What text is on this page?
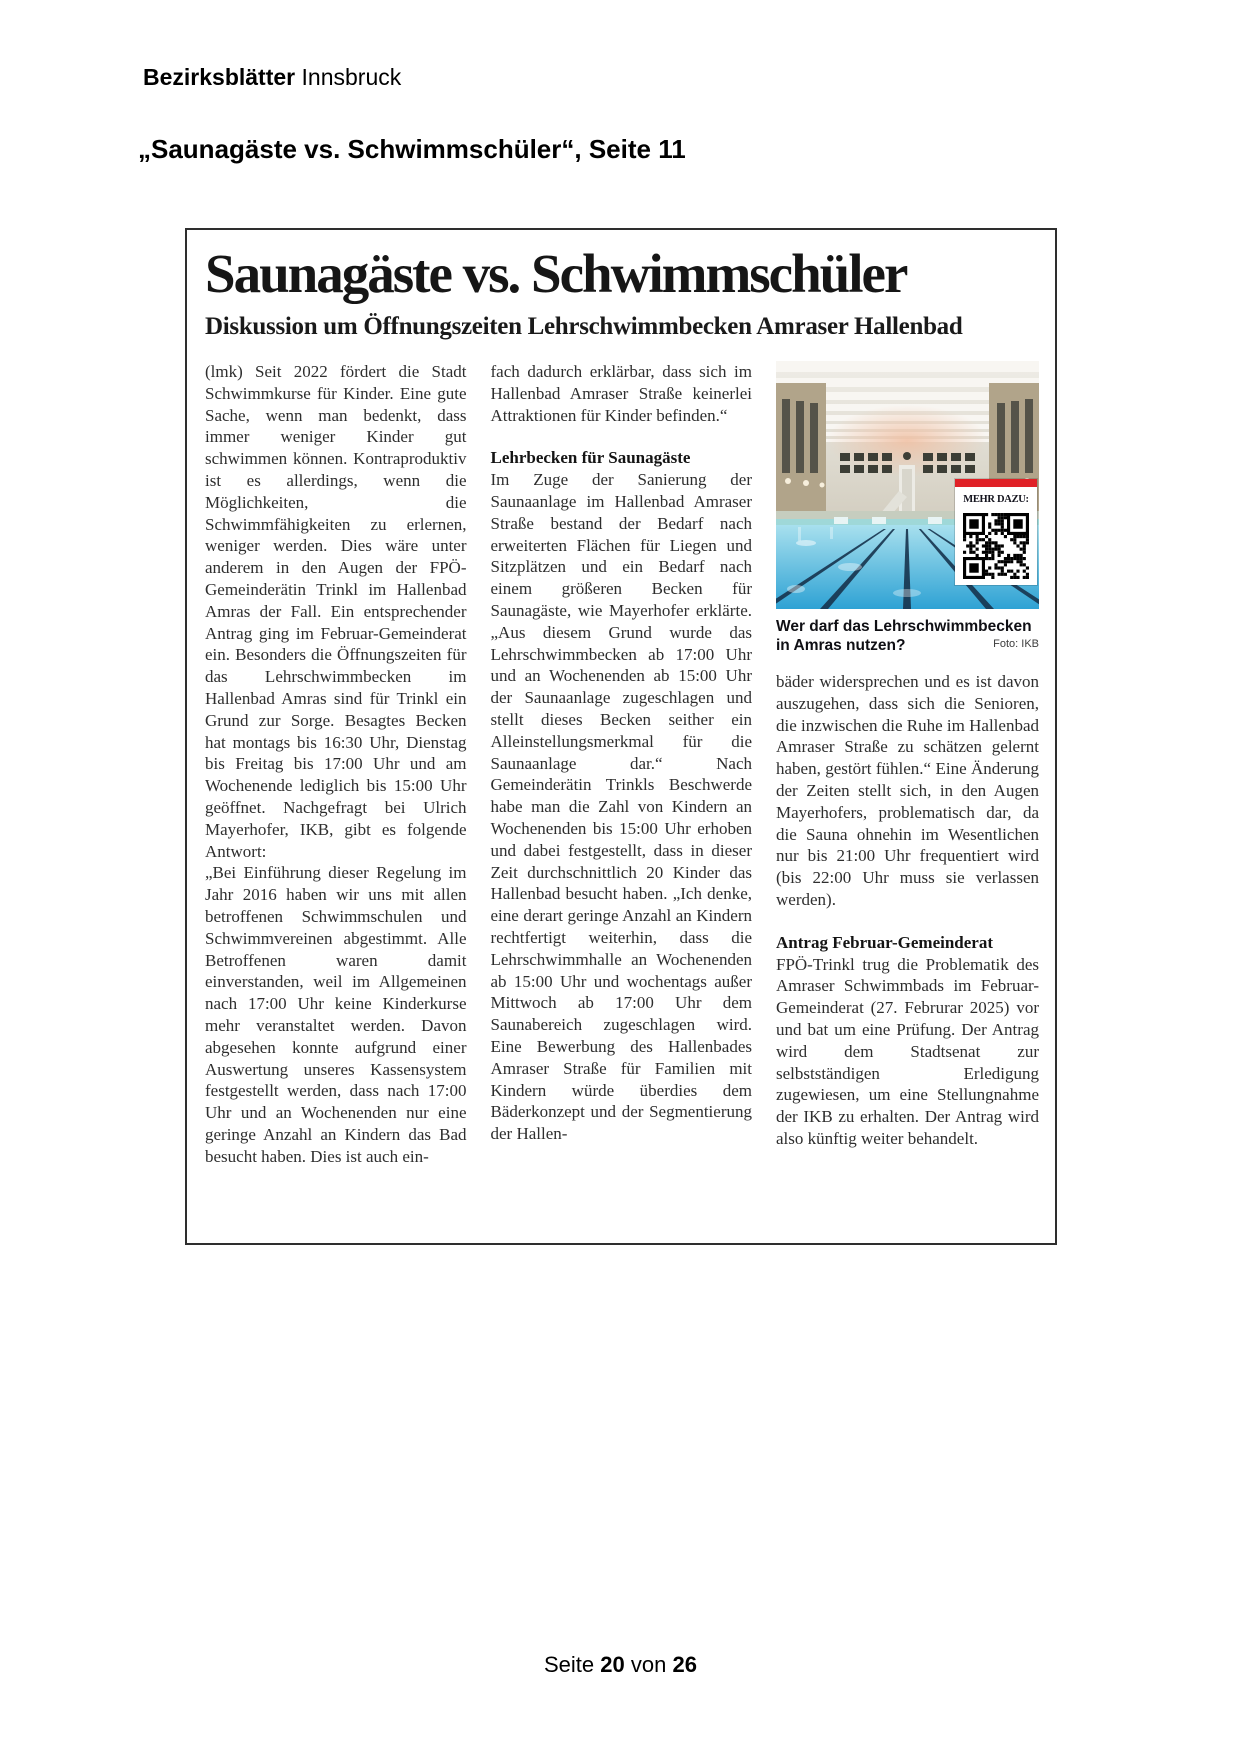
Bezirksblätter Innsbruck
„Saunagäste vs. Schwimmschüler“, Seite 11
Saunagäste vs. Schwimmschüler
Diskussion um Öffnungszeiten Lehrschwimmbecken Amraser Hallenbad

(lmk) Seit 2022 fördert die Stadt Schwimmkurse für Kinder. Eine gute Sache, wenn man bedenkt, dass immer weniger Kinder gut schwimmen können. Kontraproduktiv ist es allerdings, wenn die Möglichkeiten, die Schwimmfähigkeiten zu erlernen, weniger werden. Dies wäre unter anderem in den Augen der FPÖ-Gemeinderätin Trinkl im Hallenbad Amras der Fall. Ein entsprechender Antrag ging im Februar-Gemeinderat ein. Besonders die Öffnungszeiten für das Lehrschwimmbecken im Hallenbad Amras sind für Trinkl ein Grund zur Sorge. Besagtes Becken hat montags bis 16:30 Uhr, Dienstag bis Freitag bis 17:00 Uhr und am Wochenende lediglich bis 15:00 Uhr geöffnet. Nachgefragt bei Ulrich Mayerhofer, IKB, gibt es folgende Antwort:

„Bei Einführung dieser Regelung im Jahr 2016 haben wir uns mit allen betroffenen Schwimmschulen und Schwimmvereinen abgestimmt. Alle Betroffenen waren damit einverstanden, weil im Allgemeinen nach 17:00 Uhr keine Kinderkurse mehr veranstaltet werden. Davon abgesehen konnte aufgrund einer Auswertung unseres Kassensystem festgestellt werden, dass nach 17:00 Uhr und an Wochenenden nur eine geringe Anzahl an Kindern das Bad besucht haben. Dies ist auch ein-

fach dadurch erklärbar, dass sich im Hallenbad Amraser Straße keinerlei Attraktionen für Kinder befinden.“

Lehrbecken für Saunagäste

Im Zuge der Sanierung der Saunaanlage im Hallenbad Amraser Straße bestand der Bedarf nach erweiterten Flächen für Liegen und Sitzplätzen und ein Bedarf nach einem größeren Becken für Saunagäste, wie Mayerhofer erklärte. „Aus diesem Grund wurde das Lehrschwimmbecken ab 17:00 Uhr und an Wochenenden ab 15:00 Uhr der Saunaanlage zugeschlagen und stellt dieses Becken seither ein Alleinstellungsmerkmal für die Saunaanlage dar.“ Nach Gemeinderätin Trinkls Beschwerde habe man die Zahl von Kindern an Wochenenden bis 15:00 Uhr erhoben und dabei festgestellt, dass in dieser Zeit durchschnittlich 20 Kinder das Hallenbad besucht haben. „Ich denke, eine derart geringe Anzahl an Kindern rechtfertigt weiterhin, dass die Lehrschwimmhalle an Wochenenden ab 15:00 Uhr und wochentags außer Mittwoch ab 17:00 Uhr dem Saunabereich zugeschlagen wird. Eine Bewerbung des Hallenbades Amraser Straße für Familien mit Kindern würde überdies dem Bäderkonzept und der Segmentierung der Hallen-

MEHR DAZU:
Wer darf das Lehrschwimmbecken in Amras nutzen?	Foto: IKB

bäder widersprechen und es ist davon auszugehen, dass sich die Senioren, die inzwischen die Ruhe im Hallenbad Amraser Straße zu schätzen gelernt haben, gestört fühlen.“ Eine Änderung der Zeiten stellt sich, in den Augen Mayerhofers, problematisch dar, da die Sauna ohnehin im Wesentlichen nur bis 21:00 Uhr frequentiert wird (bis 22:00 Uhr muss sie verlassen werden).

Antrag Februar-Gemeinderat

FPÖ-Trinkl trug die Problematik des Amraser Schwimmbads im Februar-Gemeinderat (27. Februrar 2025) vor und bat um eine Prüfung. Der Antrag wird dem Stadtsenat zur selbstständigen Erledigung zugewiesen, um eine Stellungnahme der IKB zu erhalten. Der Antrag wird also künftig weiter behandelt.

Seite 20 von 26
